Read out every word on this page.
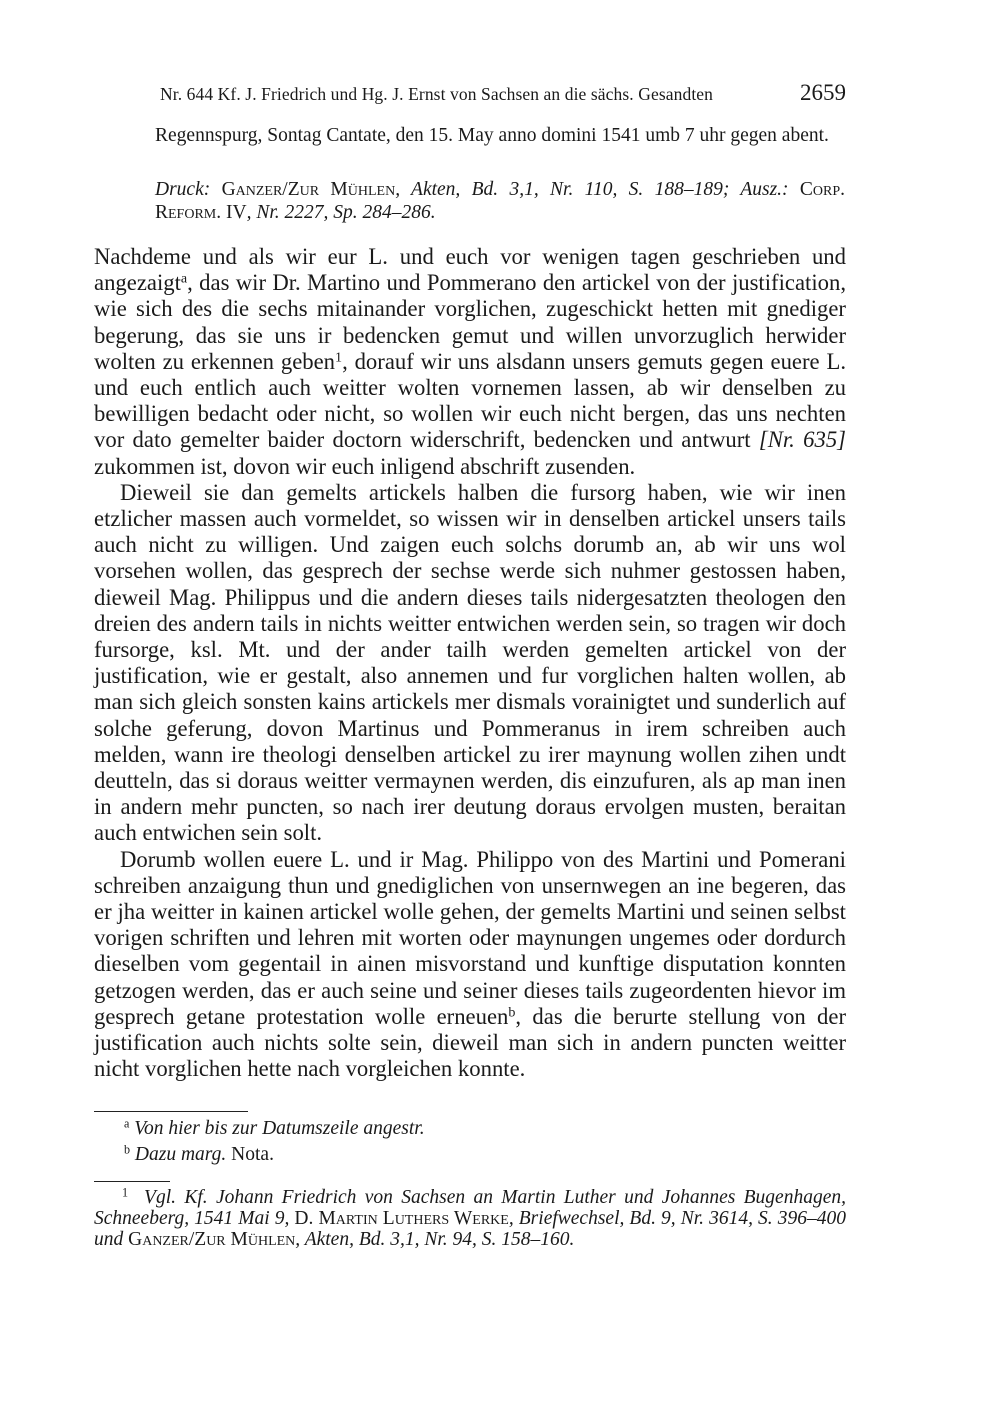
Nr. 644 Kf. J. Friedrich und Hg. J. Ernst von Sachsen an die sächs. Gesandten	2659
Regennspurg, Sontag Cantate, den 15. May anno domini 1541 umb 7 uhr gegen abent.
Druck: Ganzer/Zur Mühlen, Akten, Bd. 3,1, Nr. 110, S. 188–189; Ausz.: Corp. Reform. IV, Nr. 2227, Sp. 284–286.

Nachdeme und als wir eur L. und euch vor wenigen tagen geschrieben und angezaigt$^a$, das wir Dr. Martino und Pommerano den artickel von der justification, wie sich des die sechs mitainander vorglichen, zugeschickt hetten mit gnediger begerung, das sie uns ir bedencken gemut und willen unvorzuglich herwider wolten zu erkennen geben$^1$, dorauf wir uns alsdann unsers gemuts gegen euere L. und euch entlich auch weitter wolten vornemen lassen, ab wir denselben zu bewilligen bedacht oder nicht, so wollen wir euch nicht bergen, das uns nechten vor dato gemelter baider doctorn widerschrift, bedencken und antwurt [Nr. 635] zukommen ist, dovon wir euch inligend abschrift zusenden.

Dieweil sie dan gemelts artickels halben die fursorg haben, wie wir inen etzlicher massen auch vormeldet, so wissen wir in denselben artickel unsers tails auch nicht zu willigen. Und zaigen euch solchs dorumb an, ab wir uns wol vorsehen wollen, das gesprech der sechse werde sich nuhmer gestossen haben, dieweil Mag. Philippus und die andern dieses tails nidergesatzten theologen den dreien des andern tails in nichts weitter entwichen werden sein, so tragen wir doch fursorge, ksl. Mt. und der ander tailh werden gemelten artickel von der justification, wie er gestalt, also annemen und fur vorglichen halten wollen, ab man sich gleich sonsten kains artickels mer dismals vorainigtet und sunderlich auf solche geferung, dovon Martinus und Pommeranus in irem schreiben auch melden, wann ire theologi denselben artickel zu irer maynung wollen zihen undt deutteln, das si doraus weitter vermaynen werden, dis einzufuren, als ap man inen in andern mehr puncten, so nach irer deutung doraus ervolgen musten, beraitan auch entwichen sein solt.

Dorumb wollen euere L. und ir Mag. Philippo von des Martini und Pomerani schreiben anzaigung thun und gnediglichen von unsernwegen an ine begeren, das er jha weitter in kainen artickel wolle gehen, der gemelts Martini und seinen selbst vorigen schriften und lehren mit worten oder maynungen ungemes oder dordurch dieselben vom gegentail in ainen misvorstand und kunftige disputation konnten getzogen werden, das er auch seine und seiner dieses tails zugeordenten hievor im gesprech getane protestation wolle erneuen$^b$, das die berurte stellung von der justification auch nichts solte sein, dieweil man sich in andern puncten weitter nicht vorglichen hette nach vorgleichen konnte.

$^a$ Von hier bis zur Datumszeile angestr.
$^b$ Dazu marg. Nota.
$^1$ Vgl. Kf. Johann Friedrich von Sachsen an Martin Luther und Johannes Bugenhagen, Schneeberg, 1541 Mai 9, D. Martin Luthers Werke, Briefwechsel, Bd. 9, Nr. 3614, S. 396–400 und Ganzer/Zur Mühlen, Akten, Bd. 3,1, Nr. 94, S. 158–160.
